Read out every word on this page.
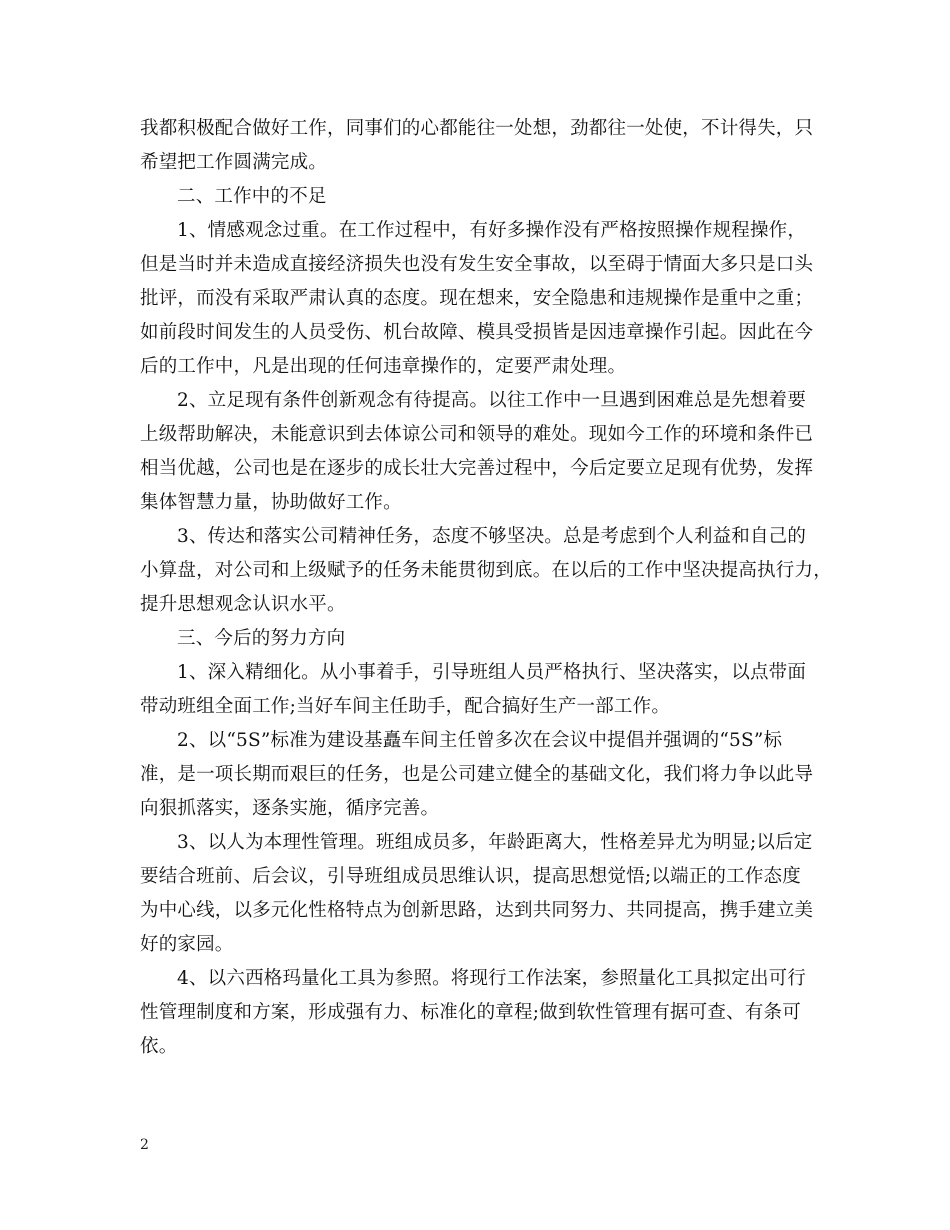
我都积极配合做好工作，同事们的心都能往一处想，劲都往一处使，不计得失，只
希望把工作圆满完成。
二、工作中的不足
1、情感观念过重。在工作过程中，有好多操作没有严格按照操作规程操作，
但是当时并未造成直接经济损失也没有发生安全事故，以至碍于情面大多只是口头
批评，而没有采取严肃认真的态度。现在想来，安全隐患和违规操作是重中之重；
如前段时间发生的人员受伤、机台故障、模具受损皆是因违章操作引起。因此在今
后的工作中，凡是出现的任何违章操作的，定要严肃处理。
2、立足现有条件创新观念有待提高。以往工作中一旦遇到困难总是先想着要
上级帮助解决，未能意识到去体谅公司和领导的难处。现如今工作的环境和条件已
相当优越，公司也是在逐步的成长壮大完善过程中，今后定要立足现有优势，发挥
集体智慧力量，协助做好工作。
3、传达和落实公司精神任务，态度不够坚决。总是考虑到个人利益和自己的
小算盘，对公司和上级赋予的任务未能贯彻到底。在以后的工作中坚决提高执行力，
提升思想观念认识水平。
三、今后的努力方向
1、深入精细化。从小事着手，引导班组人员严格执行、坚决落实，以点带面
带动班组全面工作;当好车间主任助手，配合搞好生产一部工作。
2、以“5S”标准为建设基矗车间主任曾多次在会议中提倡并强调的“5S”标
准，是一项长期而艰巨的任务，也是公司建立健全的基础文化，我们将力争以此导
向狠抓落实，逐条实施，循序完善。
3、以人为本理性管理。班组成员多，年龄距离大，性格差异尤为明显;以后定
要结合班前、后会议，引导班组成员思维认识，提高思想觉悟;以端正的工作态度
为中心线，以多元化性格特点为创新思路，达到共同努力、共同提高，携手建立美
好的家园。
4、以六西格玛量化工具为参照。将现行工作法案，参照量化工具拟定出可行
性管理制度和方案，形成强有力、标准化的章程;做到软性管理有据可查、有条可
依。
2
